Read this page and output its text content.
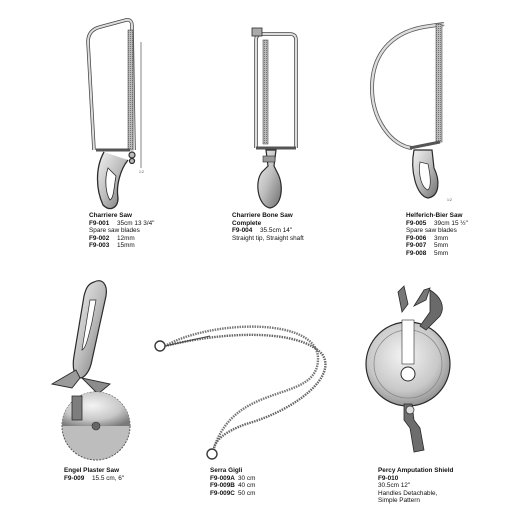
1:2
1:2
Charriere Saw
F9-001 35cm 13 3/4"
Spare saw blades
F9-002 12mm
F9-003 15mm
Charriere Bone Saw
Complete
F9-004 35.5cm 14"
Straight tip, Straight shaft
Helferich-Bier Saw
F9-005 39cm 15 ½"
Spare saw blades
F9-006 3mm
F9-007 5mm
F9-008 5mm
Engel Plaster Saw
F9-009 15.5 cm, 6"
Serra Gigli
F9-009A 30 cm
F9-009B 40 cm
F9-009C 50 cm
Percy Amputation Shield
F9-010
30.5cm 12"
Handles Detachable,
Simple Pattern
